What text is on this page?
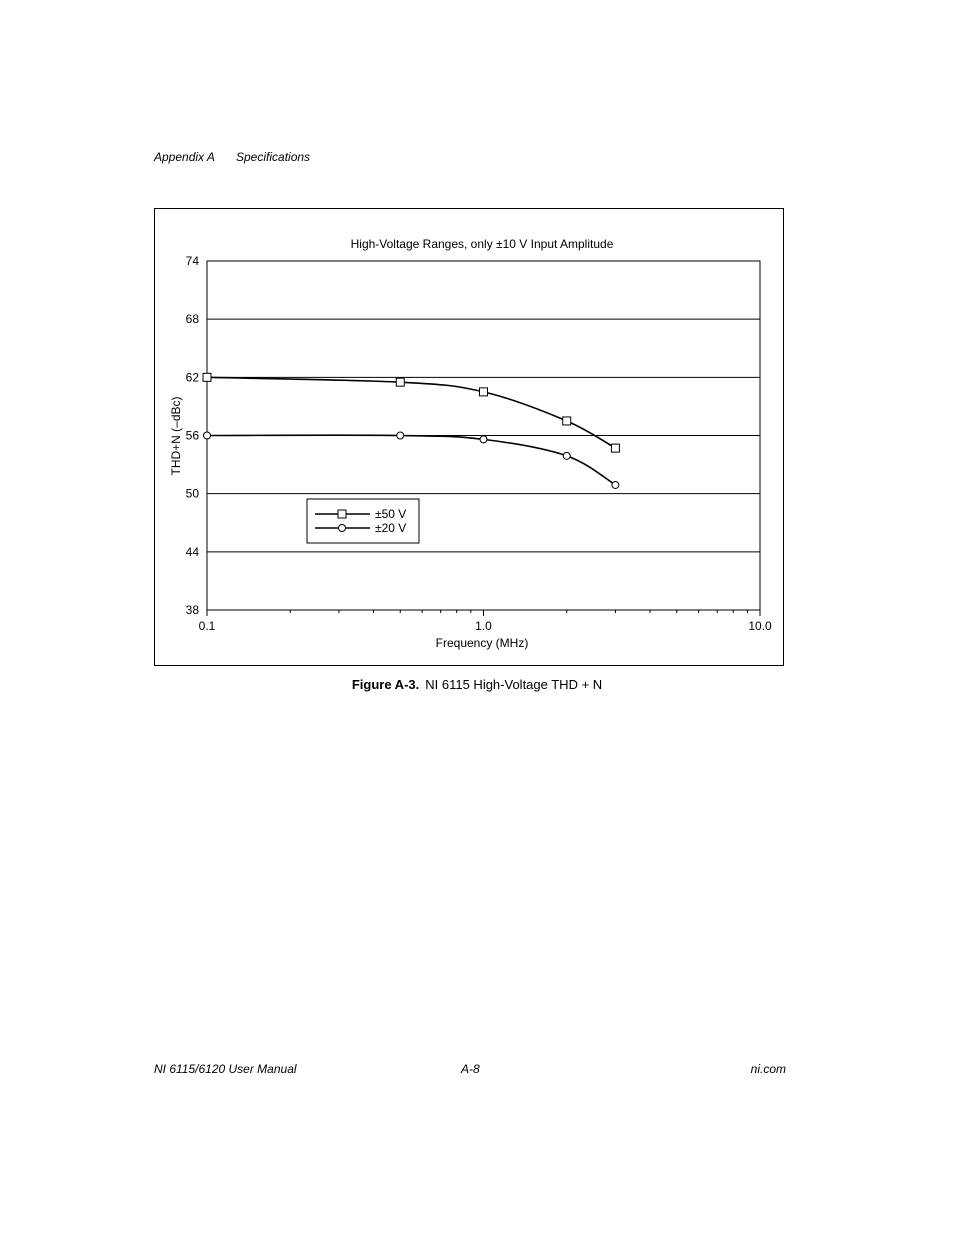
Appendix A Specifications
High-Voltage Ranges, only ±10 V Input Amplitude
74
68
62
56
50
44
38
0.1	1.0	10.0
Frequency (MHz)
THD+N (–dBc)
±50 V
±20 V
Figure A-3. NI 6115 High-Voltage THD + N
NI 6115/6120 User Manual	A-8	ni.com
